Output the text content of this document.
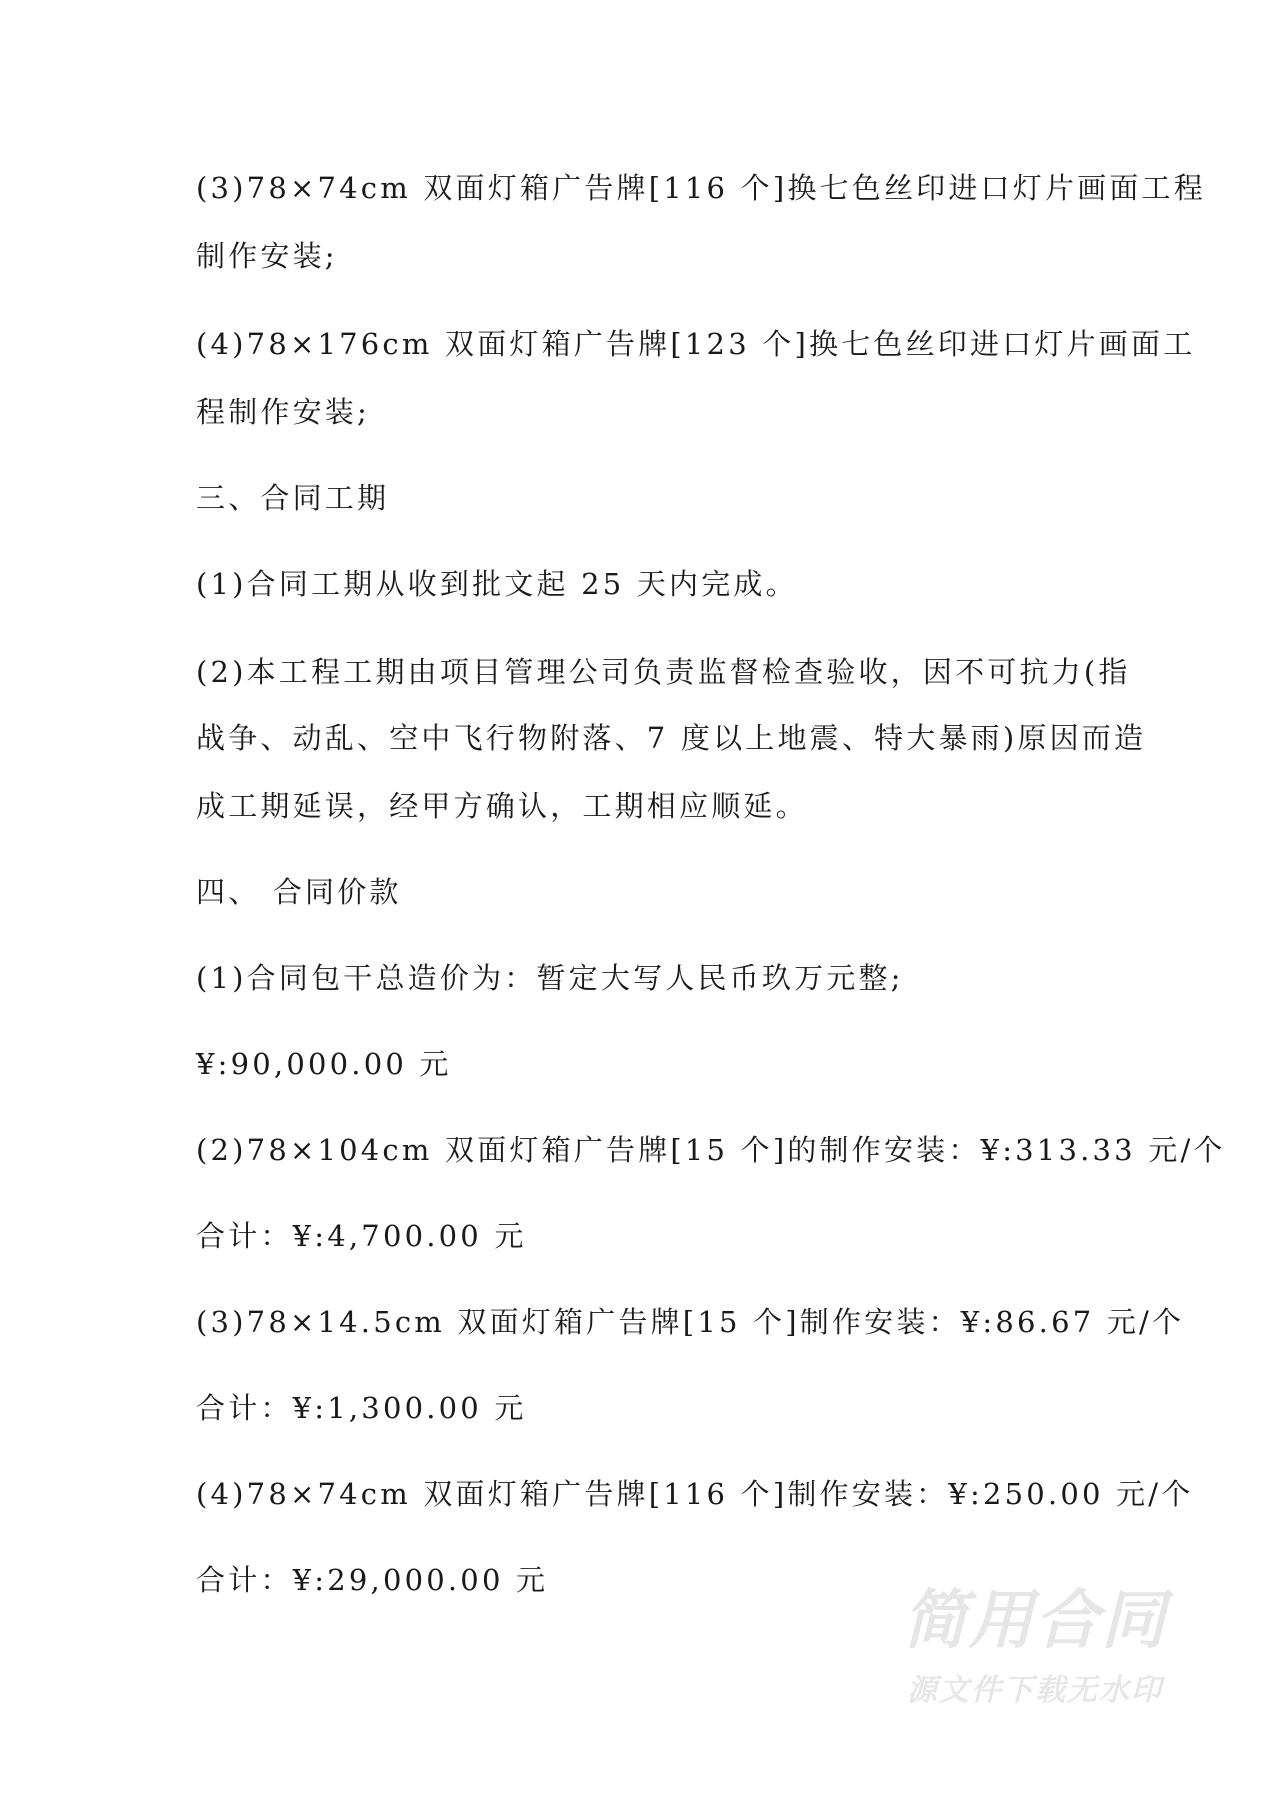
(3)78×74cm 双面灯箱广告牌[116 个]换七色丝印进口灯片画面工程
制作安装;
(4)78×176cm 双面灯箱广告牌[123 个]换七色丝印进口灯片画面工
程制作安装;
三、合同工期
(1)合同工期从收到批文起 25 天内完成。
(2)本工程工期由项目管理公司负责监督检查验收，因不可抗力(指
战争、动乱、空中飞行物附落、7 度以上地震、特大暴雨)原因而造
成工期延误，经甲方确认，工期相应顺延。
四、 合同价款
(1)合同包干总造价为：暂定大写人民币玖万元整;
¥:90,000.00 元
(2)78×104cm 双面灯箱广告牌[15 个]的制作安装：¥:313.33 元/个
合计：¥:4,700.00 元
(3)78×14.5cm 双面灯箱广告牌[15 个]制作安装：¥:86.67 元/个
合计：¥:1,300.00 元
(4)78×74cm 双面灯箱广告牌[116 个]制作安装：¥:250.00 元/个
合计：¥:29,000.00 元
简用合同
源文件下载无水印
